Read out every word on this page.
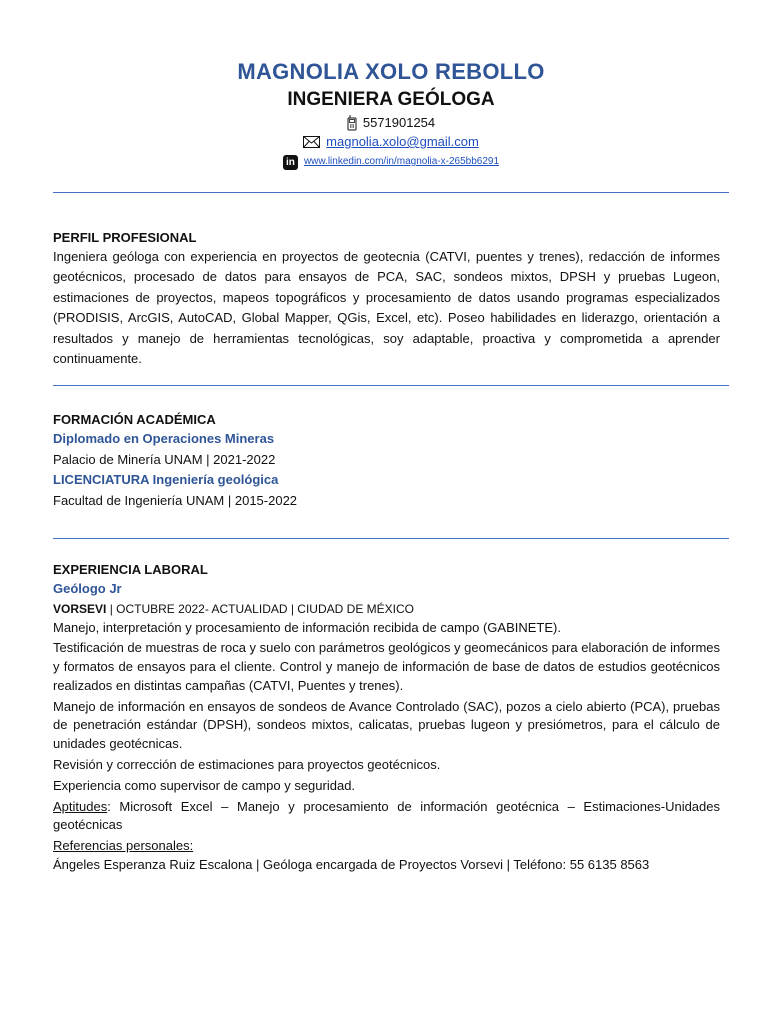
MAGNOLIA XOLO REBOLLO
INGENIERA GEÓLOGA
5571901254
magnolia.xolo@gmail.com
in www.linkedin.com/in/magnolia-x-265bb6291
PERFIL PROFESIONAL

Ingeniera geóloga con experiencia en proyectos de geotecnia (CATVI, puentes y trenes), redacción de informes geotécnicos, procesado de datos para ensayos de PCA, SAC, sondeos mixtos, DPSH y pruebas Lugeon, estimaciones de proyectos, mapeos topográficos y procesamiento de datos usando programas especializados (PRODISIS, ArcGIS, AutoCAD, Global Mapper, QGis, Excel, etc). Poseo habilidades en liderazgo, orientación a resultados y manejo de herramientas tecnológicas, soy adaptable, proactiva y comprometida a aprender continuamente.

FORMACIÓN ACADÉMICA
Diplomado en Operaciones Mineras
Palacio de Minería UNAM | 2021-2022
LICENCIATURA Ingeniería geológica
Facultad de Ingeniería UNAM | 2015-2022
EXPERIENCIA LABORAL
Geólogo Jr
VORSEVI | OCTUBRE 2022- ACTUALIDAD | CIUDAD DE MÉXICO

Manejo, interpretación y procesamiento de información recibida de campo (GABINETE).

Testificación de muestras de roca y suelo con parámetros geológicos y geomecánicos para elaboración de informes y formatos de ensayos para el cliente. Control y manejo de información de base de datos de estudios geotécnicos realizados en distintas campañas (CATVI, Puentes y trenes).

Manejo de información en ensayos de sondeos de Avance Controlado (SAC), pozos a cielo abierto (PCA), pruebas de penetración estándar (DPSH), sondeos mixtos, calicatas, pruebas lugeon y presiómetros, para el cálculo de unidades geotécnicas.

Revisión y corrección de estimaciones para proyectos geotécnicos.

Experiencia como supervisor de campo y seguridad.

Aptitudes: Microsoft Excel – Manejo y procesamiento de información geotécnica – Estimaciones-Unidades geotécnicas

Referencias personales:

Ángeles Esperanza Ruiz Escalona | Geóloga encargada de Proyectos Vorsevi | Teléfono: 55 6135 8563
